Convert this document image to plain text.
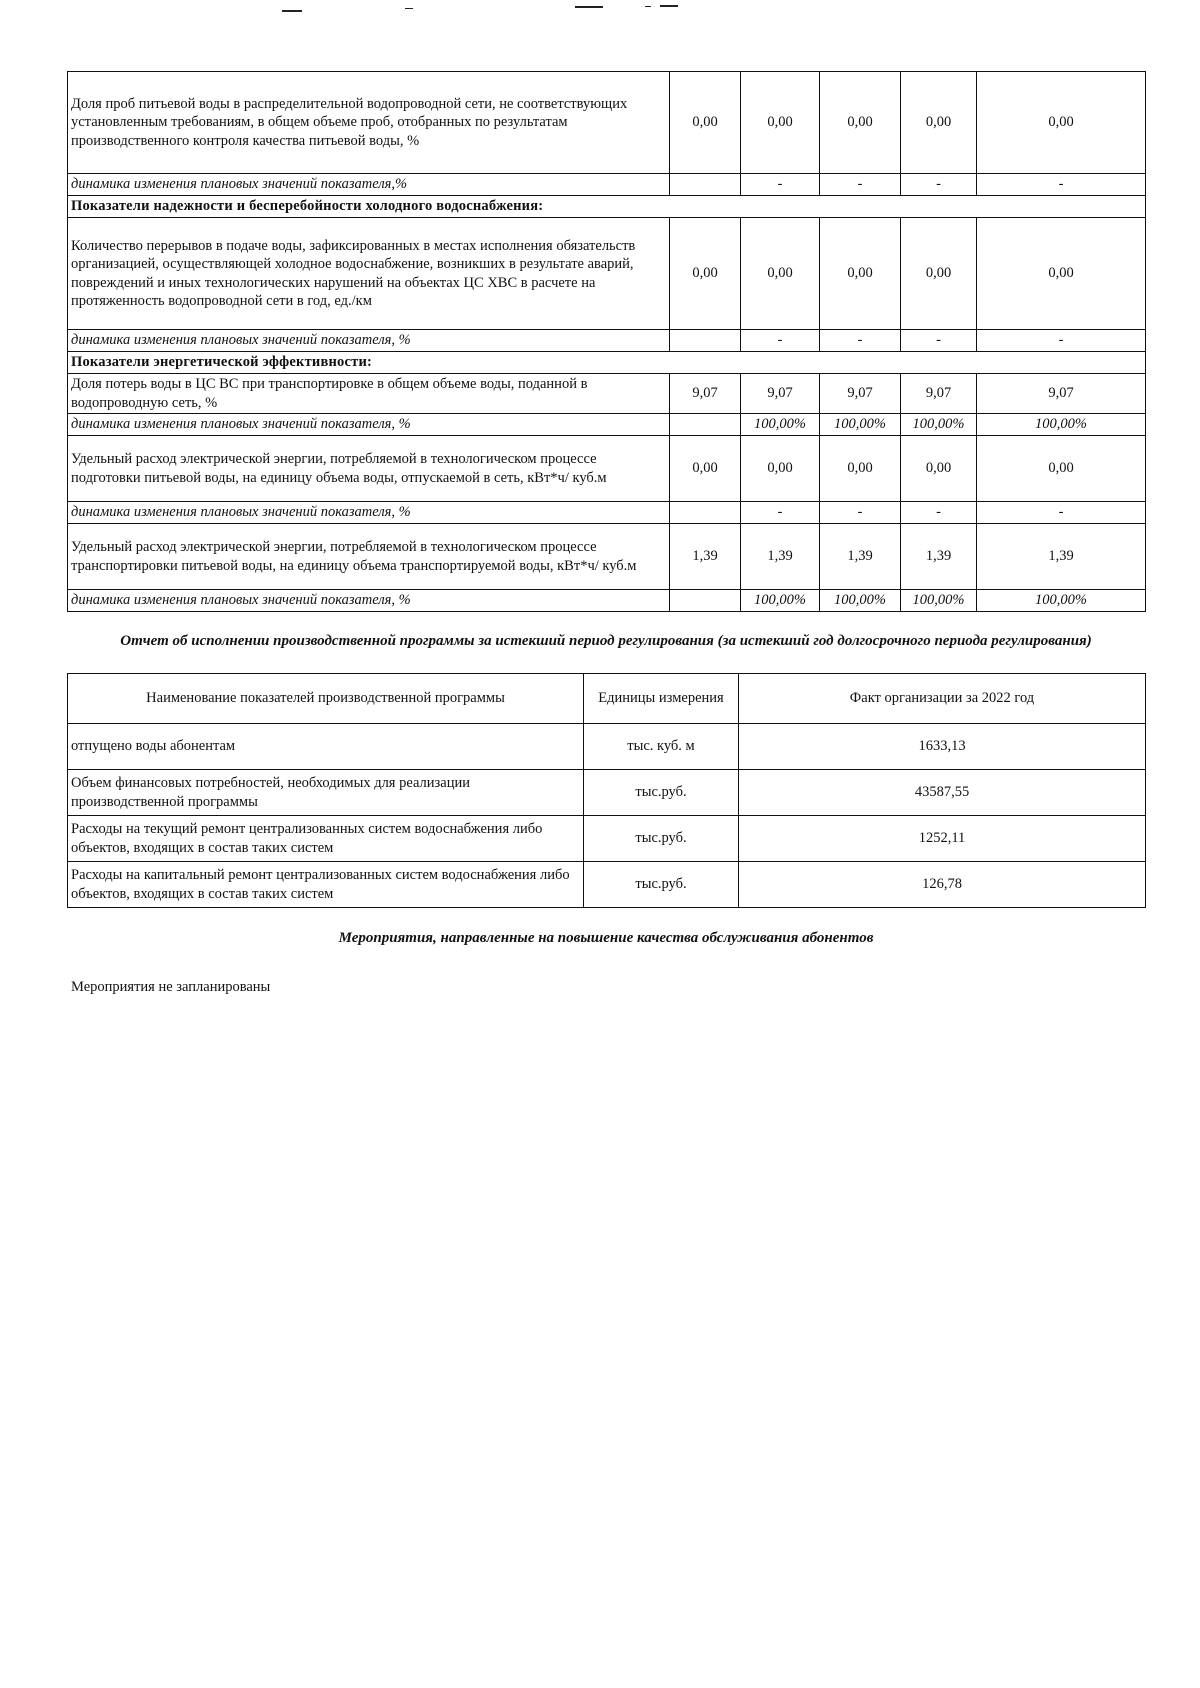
Доля проб питьевой воды в распределительной водопроводной сети, не соответствующих установленным требованиям, в общем объеме проб, отобранных по результатам производственного контроля качества питьевой воды, %	0,00	0,00	0,00	0,00	0,00
динамика изменения плановых значений показателя,%		-	-	-	-
Показатели надежности и бесперебойности холодного водоснабжения:					
Количество перерывов в подаче воды, зафиксированных в местах исполнения обязательств организацией, осуществляющей холодное водоснабжение, возникших в результате аварий, повреждений и иных технологических нарушений на объектах ЦС ХВС в расчете на протяженность водопроводной сети в год, ед./км	0,00	0,00	0,00	0,00	0,00
динамика изменения плановых значений показателя, %		-	-	-	-
Показатели энергетической эффективности:					
Доля потерь воды в ЦС ВС при транспортировке в общем объеме воды, поданной в водопроводную сеть, %	9,07	9,07	9,07	9,07	9,07
динамика изменения плановых значений показателя, %		100,00%	100,00%	100,00%	100,00%
Удельный расход электрической энергии, потребляемой в технологическом процессе подготовки питьевой воды, на единицу объема воды, отпускаемой в сеть, кВт*ч/ куб.м	0,00	0,00	0,00	0,00	0,00
динамика изменения плановых значений показателя, %		-	-	-	-
Удельный расход электрической энергии, потребляемой в технологическом процессе транспортировки питьевой воды, на единицу объема транспортируемой воды, кВт*ч/ куб.м	1,39	1,39	1,39	1,39	1,39
динамика изменения плановых значений показателя, %		100,00%	100,00%	100,00%	100,00%
Отчет об исполнении производственной программы за истекший период регулирования (за истекший год долгосрочного периода регулирования)
Наименование показателей производственной программы	Единицы измерения	Факт организации за 2022 год
отпущено воды абонентам	тыс. куб. м	1633,13
Объем финансовых потребностей, необходимых для реализации производственной программы	тыс.руб.	43587,55
Расходы на текущий ремонт централизованных систем водоснабжения либо объектов, входящих в состав таких систем	тыс.руб.	1252,11
Расходы на капитальный ремонт централизованных систем водоснабжения либо объектов, входящих в состав таких систем	тыс.руб.	126,78
Мероприятия, направленные на повышение качества обслуживания абонентов
Мероприятия не запланированы
